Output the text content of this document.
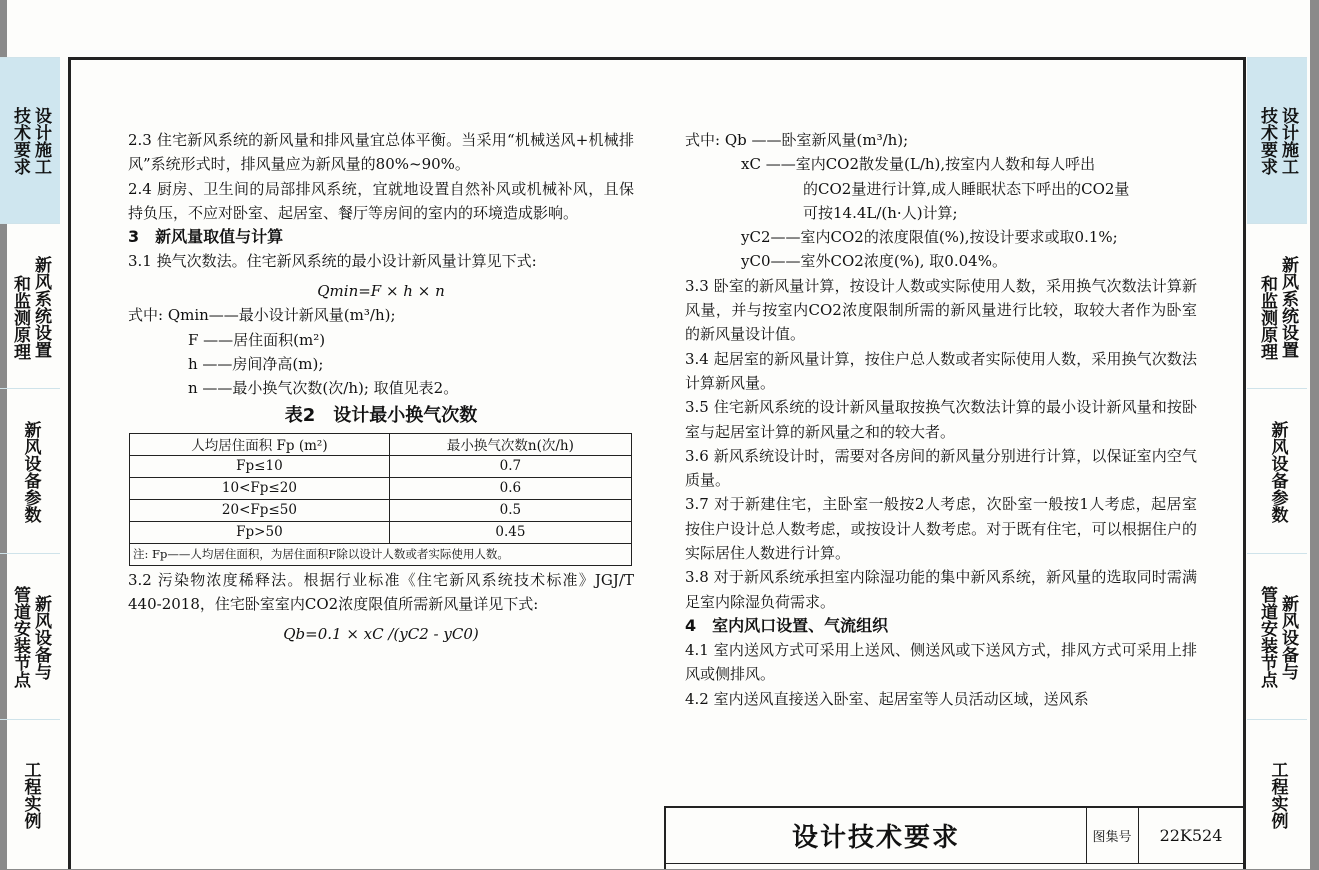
技术要求 设计施工
和监测原理 新风系统设置
新风设备参数
管道安装节点 新风设备与
工程实例
技术要求 设计施工
和监测原理 新风系统设置
新风设备参数
管道安装节点 新风设备与
工程实例

2.3 住宅新风系统的新风量和排风量宜总体平衡。当采用“机械送风+机械排风”系统形式时，排风量应为新风量的80%~90%。

2.4 厨房、卫生间的局部排风系统，宜就地设置自然补风或机械补风，且保持负压，不应对卧室、起居室、餐厅等房间的室内的环境造成影响。

3　新风量取值与计算

3.1 换气次数法。住宅新风系统的最小设计新风量计算见下式:

Qmin=F × h × n
式中: Qmin——最小设计新风量(m³/h);
F ——居住面积(m²)
h ——房间净高(m);
n ——最小换气次数(次/h); 取值见表2。
表2　设计最小换气次数
人均居住面积 Fp (m²)	最小换气次数n(次/h)
Fp≤10	0.7
10<Fp≤20	0.6
20<Fp≤50	0.5
Fp>50	0.45
注: Fp——人均居住面积，为居住面积F除以设计人数或者实际使用人数。	

3.2 污染物浓度稀释法。根据行业标准《住宅新风系统技术标准》JGJ/T 440-2018，住宅卧室室内CO2浓度限值所需新风量详见下式:

Qb=0.1 × xC /(yC2 - yC0)
式中: Qb ——卧室新风量(m³/h);
xC ——室内CO2散发量(L/h),按室内人数和每人呼出
的CO2量进行计算,成人睡眠状态下呼出的CO2量
可按14.4L/(h·人)计算;
yC2——室内CO2的浓度限值(%),按设计要求或取0.1%;
yC0——室外CO2浓度(%), 取0.04%。

3.3 卧室的新风量计算，按设计人数或实际使用人数，采用换气次数法计算新风量，并与按室内CO2浓度限制所需的新风量进行比较，取较大者作为卧室的新风量设计值。

3.4 起居室的新风量计算，按住户总人数或者实际使用人数，采用换气次数法计算新风量。

3.5 住宅新风系统的设计新风量取按换气次数法计算的最小设计新风量和按卧室与起居室计算的新风量之和的较大者。

3.6 新风系统设计时，需要对各房间的新风量分别进行计算，以保证室内空气质量。

3.7 对于新建住宅，主卧室一般按2人考虑，次卧室一般按1人考虑，起居室按住户设计总人数考虑，或按设计人数考虑。对于既有住宅，可以根据住户的实际居住人数进行计算。

3.8 对于新风系统承担室内除湿功能的集中新风系统，新风量的选取同时需满足室内除湿负荷需求。

4　室内风口设置、气流组织

4.1 室内送风方式可采用上送风、侧送风或下送风方式，排风方式可采用上排风或侧排风。

4.2 室内送风直接送入卧室、起居室等人员活动区域，送风系

设计技术要求	图集号	22K524
